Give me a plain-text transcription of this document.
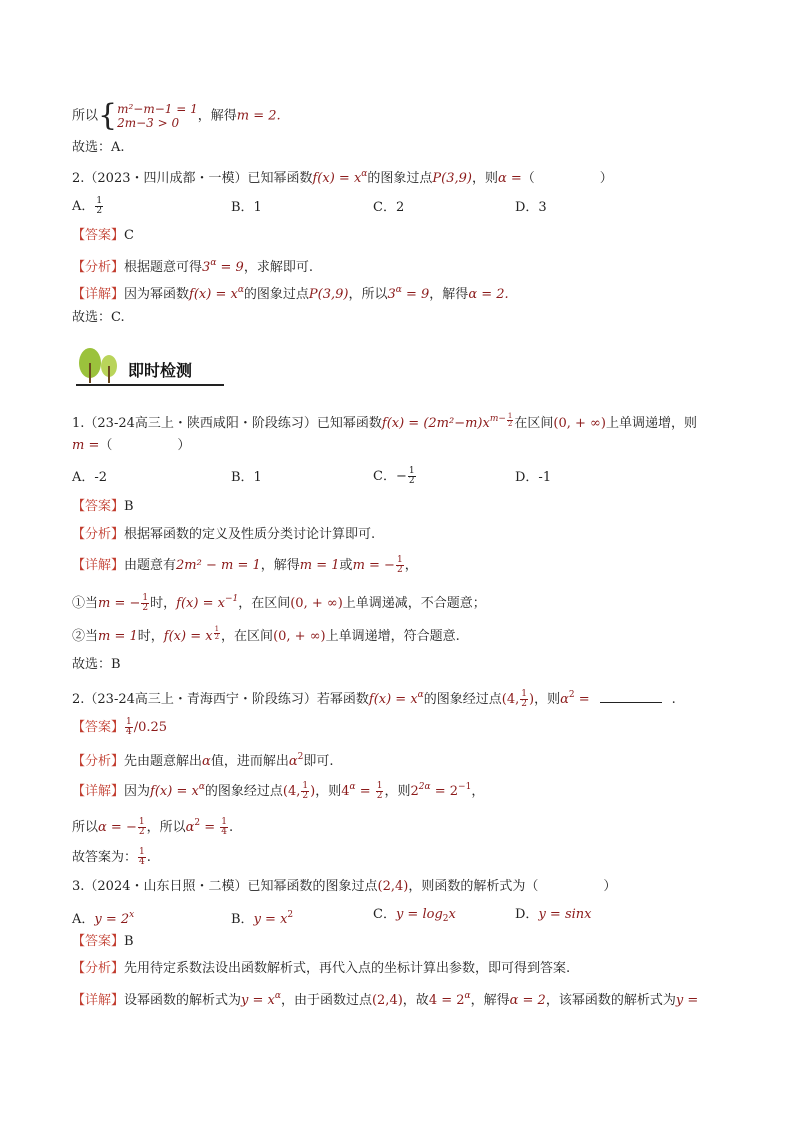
所以{ m²−m−1 = 1
2m−3 > 0	，解得m = 2.
故选：A.
2.（2023・四川成都・一模）已知幂函数$f(x) = x^\alpha$的图象过点P(3,9)，则α =（　　　　　）
A． $\frac{1}{2}$	B．1	C．2	D．3
【答案】C
【分析】根据题意可得$3^\alpha = 9$，求解即可.
【详解】因为幂函数$f(x) = x^\alpha$的图象过点P(3,9)，所以$3^\alpha = 9$，解得α = 2.
故选：C.
即时检测
1.（23-24高三上・陕西咸阳・阶段练习）已知幂函数$f(x) = (2m^2-m)x^{m-} \frac{1}{2}$ 在区间(0, + ∞)上单调递增，则
m =（　　　　　）
A．-2	B．1	C．− $\frac{1}{2}$	D．-1
【答案】B
【分析】根据幂函数的定义及性质分类讨论计算即可.
【详解】由题意有2m² − m = 1，解得m = 1或m = − $\frac{1}{2}$ ，
①当m = − $\frac{1}{2}$ 时，$f(x) = x^{-1}$，在区间(0, + ∞)上单调递减，不合题意；
②当m = 1时，f(x) = x $\frac{1}{2}$ ，在区间(0, + ∞)上单调递增，符合题意.
故选：B
2.（23-24高三上・青海西宁・阶段练习）若幂函数$f(x) = x^\alpha$的图象经过点(4, $\frac{1}{2}$ )，则$\alpha^2$ =	.
【答案】 $\frac{1}{4} /0.25$
【分析】先由题意解出α值，进而解出$\alpha^2$即可.
【详解】因为$f(x) = x^\alpha$的图象经过点(4, $\frac{1}{2}$ )，则$4^\alpha = \frac{1}{2}$ ，则$2^{2\alpha} = 2^{-1}$，
所以α = − $\frac{1}{2}$ ，所以$\alpha^2 = \frac{1}{4}$ .
故答案为： $\frac{1}{4}$ .
3.（2024・山东日照・二模）已知幂函数的图象过点(2,4)，则函数的解析式为（　　　　　）
A．$y = 2^x$	B．$y = x^2$	C．$y = \log_2x$	D．y = sinx
【答案】B
【分析】先用待定系数法设出函数解析式，再代入点的坐标计算出参数，即可得到答案.
【详解】设幂函数的解析式为$y = x^\alpha$，由于函数过点(2,4)，故$4 = 2^\alpha$，解得α = 2，该幂函数的解析式为y =
